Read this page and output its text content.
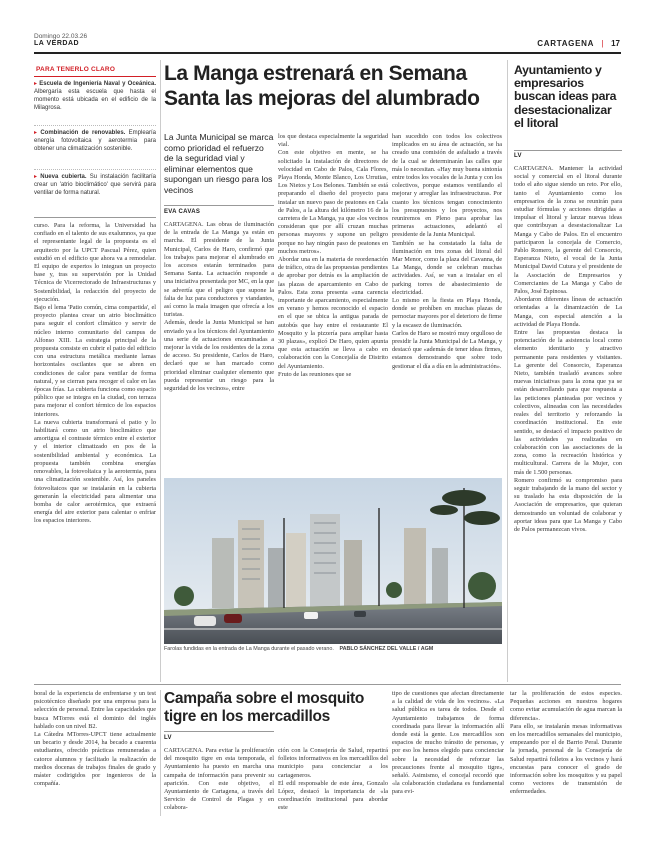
Domingo 22.03.26
LA VERDAD	CARTAGENA | 17
PARA TENERLO CLARO
▸ Escuela de Ingeniería Naval y Oceánica. Albergaría esta escuela que hasta el momento está ubicada en el edificio de la Milagrosa.
▸ Combinación de renovables. Emplearía energía fotovoltaica y aerotermia para obtener una climatización sostenible.
▸ Nueva cubierta. Su instalación facilitaría crear un 'atrio bioclimático' que servirá para ventilar de forma natural.
curso. Para la reforma, la Universidad ha confiado en el talento de sus exalumnos, ya que el representante legal de la propuesta es el arquitecto por la UPCT Pascual Pérez, quien estudió en el edificio que ahora va a remodelar. El equipo de expertos lo integran un proyecto base y, tras su supervisión por la Unidad Técnica de Vicerrectorado de Infraestructuras y Sostenibilidad, la redacción del proyecto de ejecución.
Bajo el lema 'Patio común, cima compartida', el proyecto plantea crear un atrio bioclimático para seguir el confort climático y servir de núcleo interno comunitario del campus de Alfonso XIII. La estrategia principal de la propuesta consiste en cubrir el patio del edificio con una estructura metálica mediante lamas horizontales oscilantes que se abren en condiciones de calor para ventilar de forma natural, y se cierran para recoger el calor en las épocas frías. La cubierta funciona como espacio público que se integra en la ciudad, con terraza para mejorar el confort térmico de los espacios interiores.
La nueva cubierta transformará el patio y lo habilitará como un atrio bioclimático que amortigua el contraste térmico entre el exterior y el interior climatizado en pos de la sostenibilidad ambiental y económica. La propuesta también combina energías renovables, la fotovoltaica y la aerotermia, para una climatización sostenible. Así, los paneles fotovoltaicos que se instalarán en la cubierta generarán la electricidad para alimentar una bomba de calor aerotérmica, que extraerá energía del aire exterior para calentar o enfriar los espacios interiores.
La Manga estrenará en Semana Santa las mejoras del alumbrado
La Junta Municipal se marca como prioridad el refuerzo de la seguridad vial y eliminar elementos que supongan un riesgo para los vecinos
EVA CAVAS
CARTAGENA. Las obras de iluminación de la entrada de La Manga ya están en marcha. El presidente de la Junta Municipal, Carlos de Haro, confirmó que los trabajos para mejorar el alumbrado en los accesos estarán terminados para Semana Santa. La actuación responde a una iniciativa presentada por MC, en la que se advertía que el peligro que supone la falta de luz para conductores y viandantes, así como la mala imagen que ofrecía a los turistas.
Además, desde la Junta Municipal se han enviado ya a los técnicos del Ayuntamiento una serie de actuaciones encaminadas a mejorar la vida de los residentes de la zona de acceso. Su presidente, Carlos de Haro, declaró que se han marcado como prioridad eliminar cualquier elemento que pueda representar un riesgo para la seguridad de los vecinos», entre
los que destaca especialmente la seguridad vial.
Con este objetivo en mente, se ha solicitado la instalación de directores de velocidad en Cabo de Palos, Cala Flores, Playa Honda, Monte Blanco, Los Urrutias, Los Nietos y Los Belones. También se está preparando el diseño del proyecto para instalar un nuevo paso de peatones en Cala de Palos, a la altura del kilómetro 16 de la carretera de La Manga, ya que «los vecinos consideran que por allí cruzan muchas personas mayores y supone un peligro porque no hay ningún paso de peatones en muchos metros».
Abordar una en la materia de reordenación de tráfico, otra de las propuestas pendientes de aprobar por detrás es la ampliación de las plazas de aparcamiento en Cabo de Palos. Esta zona presenta «una carencia importante de aparcamiento, especialmente en verano y hemos reconocido el espacio en el que se ubica la antigua parada de autobús que hay entre el restaurante El Mosquito y la pizzería para ampliar hasta 30 plazas», explicó De Haro, quien apunta que esta actuación se lleva a cabo en colaboración con la Concejalía de Distrito del Ayuntamiento.
Fruto de las reuniones que se
han sucedido con todos los colectivos implicados en su área de actuación, se ha creado una comisión de asfaltado a través de la cual se determinarán las calles que más lo necesitan. «Hay muy buena sintonía entre todos los vocales de la Junta y con los colectivos, porque estamos ventilando el mejorar y arreglar las infraestructuras. Por cuanto los técnicos tengan conocimiento los presupuestos y los proyectos, nos reuniremos en Pleno para aprobar las primeras actuaciones, adelantó el presidente de la Junta Municipal.
También se ha constatado la falta de iluminación en tres zonas del litoral del Mar Menor, como la plaza del Cavanna, de La Manga, donde se celebran muchas actividades. Así, se van a instalar en el parking torres de abastecimiento de electricidad.
Lo mismo en la fiesta en Playa Honda, donde se prohíben en muchas plazas de pernoctar mayores por el deterioro de firme y la escasez de iluminación.
Carlos de Haro se mostró muy orgulloso de presidir la Junta Municipal de La Manga, y destacó que «además de tener ideas firmes, estamos demostrando que sobre todo gestionar el día a día en la administración».
Farolas fundidas en la entrada de La Manga durante el pasado verano. PABLO SÁNCHEZ DEL VALLE / AGM
Ayuntamiento y empresarios buscan ideas para desestacionalizar el litoral
LV
CARTAGENA. Mantener la actividad social y comercial en el litoral durante todo el año sigue siendo un reto. Por ello, tanto el Ayuntamiento como los empresarios de la zona se reunirán para estudiar fórmulas y acciones dirigidas a impulsar el litoral y lanzar nuevas ideas que contribuyan a desestacionalizar La Manga y Cabo de Palos. En el encuentro participaron la concejala de Comercio, Pablo Romero, la gerente del Consorcio, Esperanza Nieto, el vocal de la Junta Municipal David Cutura y el presidente de la Asociación de Empresarios y Comerciantes de La Manga y Cabo de Palos, José Espinosa.
Abordaron diferentes líneas de actuación orientadas a la dinamización de La Manga, con especial atención a la actividad de Playa Honda.
Entre las propuestas destaca la potenciación de la asistencia local como elemento identitario y atractivo permanente para residentes y visitantes. La gerente del Consorcio, Esperanza Nieto, también trasladó avances sobre nuevas iniciativas para la zona que ya se están desarrollando para que respuesta a las peticiones planteadas por vecinos y colectivos, alineadas con las necesidades reales del territorio y reforzando la coordinación institucional. En este sentido, se destacó el impacto positivo de las actividades ya realizadas en colaboración con las asociaciones de la zona, como la recreación histórica y multicultural. Carrera de la Mujer, con más de 1.500 personas.
Romero confirmó su compromiso para seguir trabajando de la mano del sector y su traslado ha esta disposición de la Asociación de empresarios, que quieran demostrando un voluntad de colaborar y aportar ideas para que La Manga y Cabo de Palos permanezcan vivos.
boral de la experiencia de enfrentarse y un test psicotécnico diseñado por una empresa para la selección de personal. Entre las capacidades que busca MTorres está el dominio del inglés hablado con un nivel B2.
La Cátedra MTorres-UPCT tiene actualmente un becario y desde 2014, ha becado a cuarenta estudiantes, ofrecido prácticas remuneradas a catorce alumnos y facilitado la realización de medios docenas de trabajos finales de grado y máster codirigidos por ingenieros de la compañía.
Campaña sobre el mosquito tigre en los mercadillos
LV
CARTAGENA. Para evitar la proliferación del mosquito tigre en esta temporada, el Ayuntamiento ha puesto en marcha una campaña de información para prevenir su aparición. Con este objetivo, el Ayuntamiento de Cartagena, a través del Servicio de Control de Plagas y en colabora-
ción con la Consejería de Salud, repartirá folletos informativos en los mercadillos del municipio para concienciar a los cartageneros.
El edil responsable de este área, Gonzalo López, destacó la importancia de «la coordinación institucional para abordar este
tipo de cuestiones que afectan directamente a la calidad de vida de los vecinos». «La salud pública es tarea de todos. Desde el Ayuntamiento trabajamos de forma coordinada para llevar la información allí donde está la gente. Los mercadillos son espacios de mucho tránsito de personas, y por eso los hemos elegido para concienciar sobre la necesidad de reforzar las precauciones frente al mosquito tigre», señaló. Asimismo, el concejal recordó que «la colaboración ciudadana es fundamental para evi-
tar la proliferación de estos especies. Pequeñas acciones en nuestros hogares como evitar acumulación de agua marcan la diferencia».
Para ello, se instalarán mesas informativas en los mercadillos semanales del municipio, empezando por el de Barrio Peral. Durante la jornada, personal de la Consejería de Salud repartirá folletos a los vecinos y hará encuestas para conocer el grado de información sobre los mosquitos y su papel como vectores de transmisión de enfermedades.
